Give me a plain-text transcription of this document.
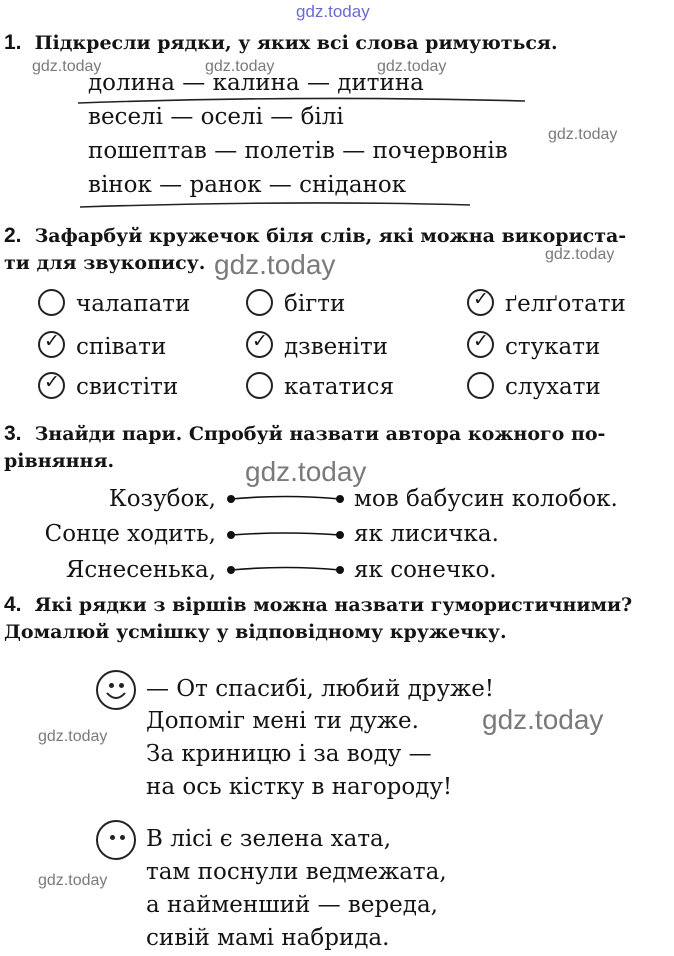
gdz.today
gdz.today	gdz.today	gdz.today
gdz.today
gdz.today
gdz.today
gdz.today
gdz.today
gdz.today
gdz.today
1. Підкресли рядки, у яких всі слова римуються.
долина — калина — дитина
веселі — оселі — білі
пошептав — полетів — почервонів
вінок — ранок — сніданок
2. Зафарбуй кружечок біля слів, які можна використа-
ти для звукопису.
чалапати	бігти	✓ ґелґотати
✓ співати	✓ дзвеніти	✓ стукати
✓ свистіти	кататися	слухати
3. Знайди пари. Спробуй назвати автора кожного по-
рівняння.
Козубок,	мов бабусин колобок.
Сонце ходить,	як лисичка.
Яснесенька,	як сонечко.
4. Які рядки з віршів можна назвати гумористичними?
Домалюй усмішку у відповідному кружечку.
— От спасибі, любий друже!
Допоміг мені ти дуже.
За криницю і за воду —
на ось кістку в нагороду!
В лісі є зелена хата,
там поснули ведмежата,
а найменший — вереда,
сивій мамі набрида.
